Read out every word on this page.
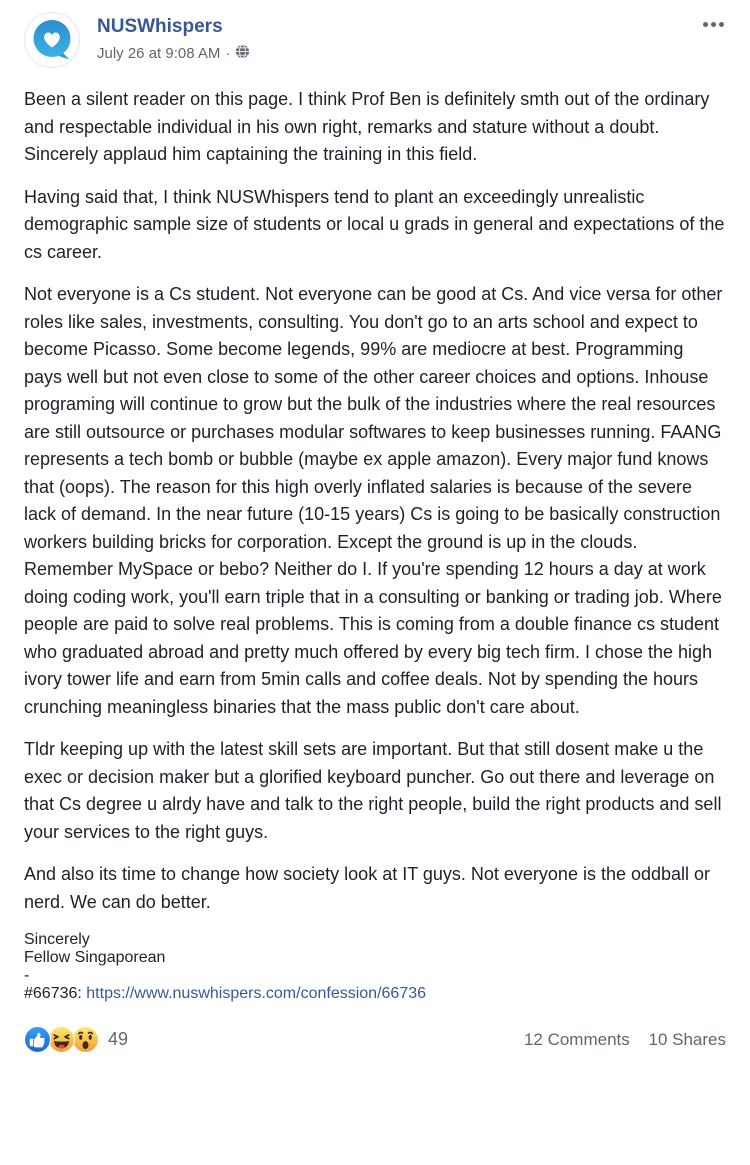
NUSWhispers
July 26 at 9:08 AM ·

Been a silent reader on this page. I think Prof Ben is definitely smth out of the ordinary and respectable individual in his own right, remarks and stature without a doubt. Sincerely applaud him captaining the training in this field.

Having said that, I think NUSWhispers tend to plant an exceedingly unrealistic demographic sample size of students or local u grads in general and expectations of the cs career.

Not everyone is a Cs student. Not everyone can be good at Cs. And vice versa for other roles like sales, investments, consulting. You don't go to an arts school and expect to become Picasso. Some become legends, 99% are mediocre at best. Programming pays well but not even close to some of the other career choices and options. Inhouse programing will continue to grow but the bulk of the industries where the real resources are still outsource or purchases modular softwares to keep businesses running. FAANG represents a tech bomb or bubble (maybe ex apple amazon). Every major fund knows that (oops). The reason for this high overly inflated salaries is because of the severe lack of demand. In the near future (10-15 years) Cs is going to be basically construction workers building bricks for corporation. Except the ground is up in the clouds. Remember MySpace or bebo? Neither do I. If you're spending 12 hours a day at work doing coding work, you'll earn triple that in a consulting or banking or trading job. Where people are paid to solve real problems. This is coming from a double finance cs student who graduated abroad and pretty much offered by every big tech firm. I chose the high ivory tower life and earn from 5min calls and coffee deals. Not by spending the hours crunching meaningless binaries that the mass public don't care about.

Tldr keeping up with the latest skill sets are important. But that still dosent make u the exec or decision maker but a glorified keyboard puncher. Go out there and leverage on that Cs degree u alrdy have and talk to the right people, build the right products and sell your services to the right guys.

And also its time to change how society look at IT guys. Not everyone is the oddball or nerd. We can do better.

Sincerely
Fellow Singaporean
-
#66736: https://www.nuswhispers.com/confession/66736

49	12 Comments 10 Shares
